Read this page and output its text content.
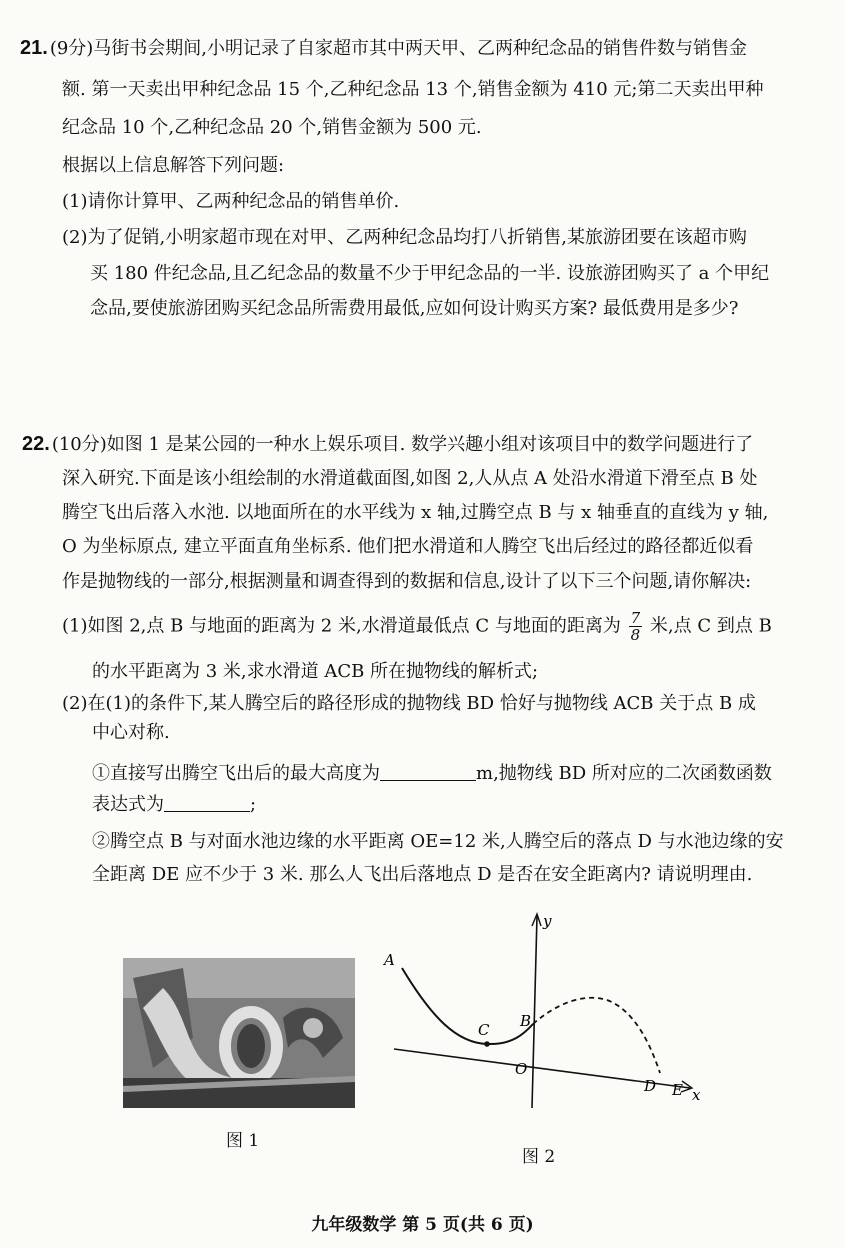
21. (9分)马街书会期间,小明记录了自家超市其中两天甲、乙两种纪念品的销售件数与销售金
额. 第一天卖出甲种纪念品 15 个,乙种纪念品 13 个,销售金额为 410 元;第二天卖出甲种
纪念品 10 个,乙种纪念品 20 个,销售金额为 500 元.
根据以上信息解答下列问题:
(1)请你计算甲、乙两种纪念品的销售单价.
(2)为了促销,小明家超市现在对甲、乙两种纪念品均打八折销售,某旅游团要在该超市购
买 180 件纪念品,且乙纪念品的数量不少于甲纪念品的一半. 设旅游团购买了 a 个甲纪
念品,要使旅游团购买纪念品所需费用最低,应如何设计购买方案? 最低费用是多少?
22. (10分)如图 1 是某公园的一种水上娱乐项目. 数学兴趣小组对该项目中的数学问题进行了
深入研究.下面是该小组绘制的水滑道截面图,如图 2,人从点 A 处沿水滑道下滑至点 B 处
腾空飞出后落入水池. 以地面所在的水平线为 x 轴,过腾空点 B 与 x 轴垂直的直线为 y 轴,
O 为坐标原点, 建立平面直角坐标系. 他们把水滑道和人腾空飞出后经过的路径都近似看
作是抛物线的一部分,根据测量和调查得到的数据和信息,设计了以下三个问题,请你解决:
(1)如图 2,点 B 与地面的距离为 2 米,水滑道最低点 C 与地面的距离为 $\frac{7}{8}$ 米,点 C 到点 B
的水平距离为 3 米,求水滑道 ACB 所在抛物线的解析式;
(2)在(1)的条件下,某人腾空后的路径形成的抛物线 BD 恰好与抛物线 ACB 关于点 B 成
中心对称.
①直接写出腾空飞出后的最大高度为	m,抛物线 BD 所对应的二次函数函数
表达式为	;
②腾空点 B 与对面水池边缘的水平距离 OE=12 米,人腾空后的落点 D 与水池边缘的安
全距离 DE 应不少于 3 米. 那么人飞出后落地点 D 是否在安全距离内? 请说明理由.
图 1
A
C B
O
D E x
y
图 2
九年级数学 第 5 页(共 6 页)
